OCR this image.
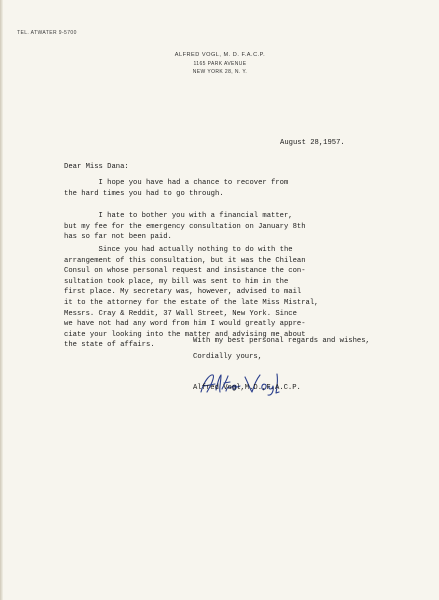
TEL. ATWATER 9-5700
ALFRED VOGL, M. D. F.A.C.P.
1165 PARK AVENUE
NEW YORK 28, N. Y.
August 28,1957.
Dear Miss Dana:
I hope you have had a chance to recover from
the hard times you had to go through.
I hate to bother you with a financial matter,
but my fee for the emergency consultation on January 8th
has so far not been paid.
Since you had actually nothing to do with the
arrangement of this consultation, but it was the Chilean
Consul on whose personal request and insistance the con-
sultation took place, my bill was sent to him in the
first place. My secretary was, however, advised to mail
it to the attorney for the estate of the late Miss Mistral,
Messrs. Cray & Reddit, 37 Wall Street, New York. Since
we have not had any word from him I would greatly appre-
ciate your looking into the matter and advising me about
the state of affairs.
With my best personal regards and wishes,
Cordially yours,
Alfred Vogl,M.D.,F.A.C.P.
